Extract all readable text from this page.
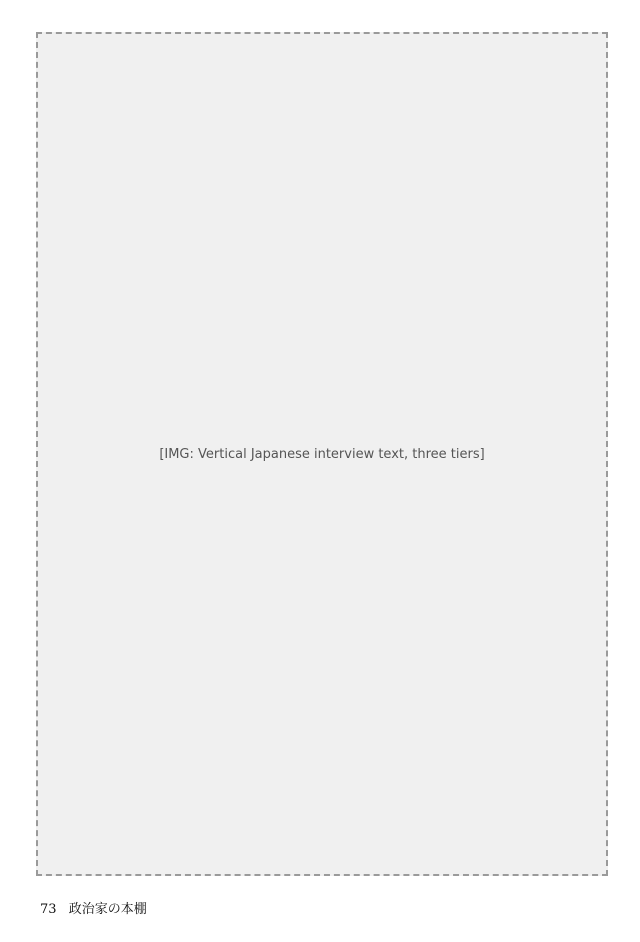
[IMG: Vertical Japanese interview text, three tiers]
73 政治家の本棚
